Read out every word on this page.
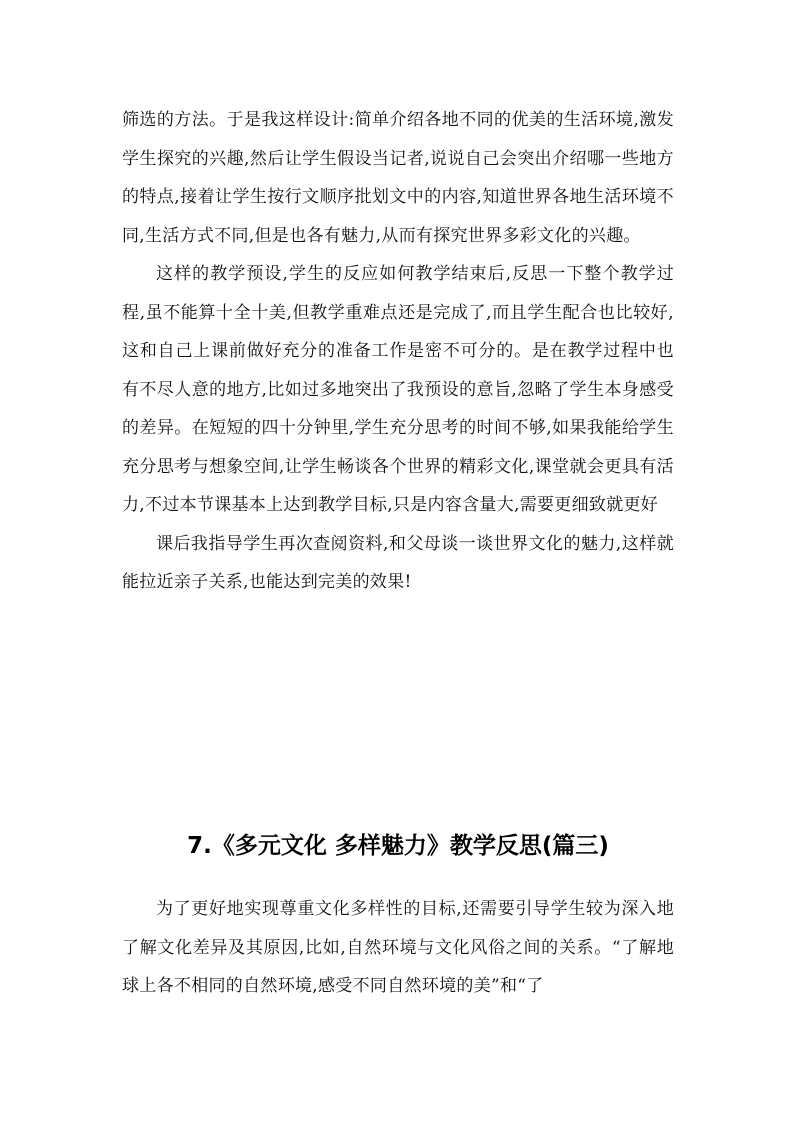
筛选的方法。于是我这样设计:简单介绍各地不同的优美的生活环境,激发学生探究的兴趣,然后让学生假设当记者,说说自己会突出介绍哪一些地方的特点,接着让学生按行文顺序批划文中的内容,知道世界各地生活环境不同,生活方式不同,但是也各有魅力,从而有探究世界多彩文化的兴趣。

这样的教学预设,学生的反应如何教学结束后,反思一下整个教学过程,虽不能算十全十美,但教学重难点还是完成了,而且学生配合也比较好,这和自己上课前做好充分的准备工作是密不可分的。是在教学过程中也有不尽人意的地方,比如过多地突出了我预设的意旨,忽略了学生本身感受的差异。在短短的四十分钟里,学生充分思考的时间不够,如果我能给学生充分思考与想象空间,让学生畅谈各个世界的精彩文化,课堂就会更具有活力,不过本节课基本上达到教学目标,只是内容含量大,需要更细致就更好

课后我指导学生再次查阅资料,和父母谈一谈世界文化的魅力,这样就能拉近亲子关系,也能达到完美的效果!

7.《多元文化 多样魅力》教学反思(篇三)

为了更好地实现尊重文化多样性的目标,还需要引导学生较为深入地了解文化差异及其原因,比如,自然环境与文化风俗之间的关系。“了解地球上各不相同的自然环境,感受不同自然环境的美”和“了
